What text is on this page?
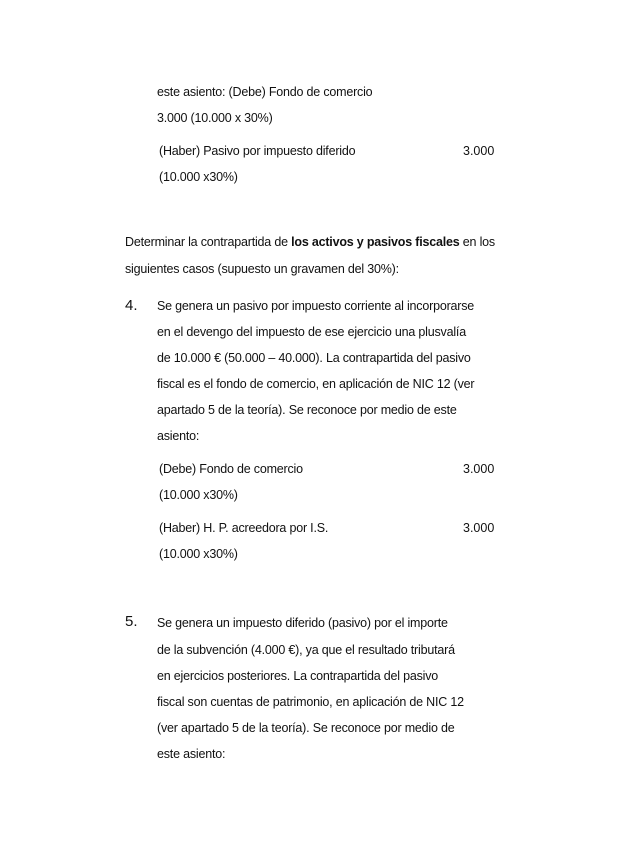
este asiento: (Debe) Fondo de comercio
3.000 (10.000 x 30%)
(Haber) Pasivo por impuesto diferido	3.000
(10.000 x30%)
Determinar la contrapartida de los activos y pasivos fiscales en los
siguientes casos (supuesto un gravamen del 30%):
4. Se genera un pasivo por impuesto corriente al incorporarse
en el devengo del impuesto de ese ejercicio una plusvalía
de 10.000 € (50.000 – 40.000). La contrapartida del pasivo
fiscal es el fondo de comercio, en aplicación de NIC 12 (ver
apartado 5 de la teoría). Se reconoce por medio de este
asiento:
(Debe) Fondo de comercio	3.000
(10.000 x30%)
(Haber) H. P. acreedora por I.S.	3.000
(10.000 x30%)
5. Se genera un impuesto diferido (pasivo) por el importe
de la subvención (4.000 €), ya que el resultado tributará
en ejercicios posteriores. La contrapartida del pasivo
fiscal son cuentas de patrimonio, en aplicación de NIC 12
(ver apartado 5 de la teoría). Se reconoce por medio de
este asiento:
